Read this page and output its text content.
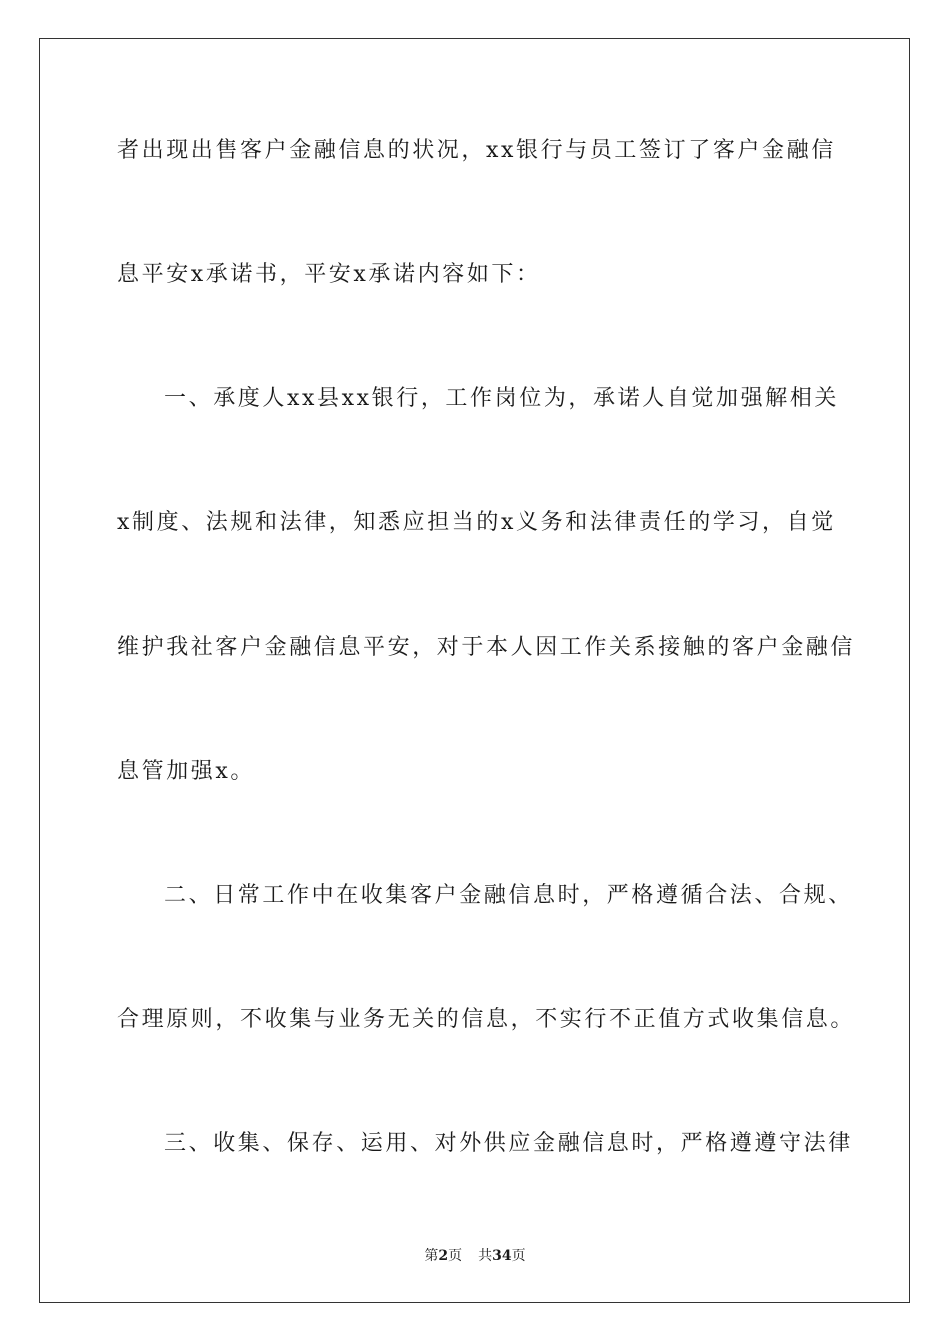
者出现出售客户金融信息的状况，xx银行与员工签订了客户金融信
息平安x承诺书，平安x承诺内容如下：
一、承度人xx县xx银行，工作岗位为，承诺人自觉加强解相关
x制度、法规和法律，知悉应担当的x义务和法律责任的学习，自觉
维护我社客户金融信息平安，对于本人因工作关系接触的客户金融信
息管加强x。
二、日常工作中在收集客户金融信息时，严格遵循合法、合规、
合理原则，不收集与业务无关的信息，不实行不正值方式收集信息。
三、收集、保存、运用、对外供应金融信息时，严格遵遵守法律
第2页 共34页
